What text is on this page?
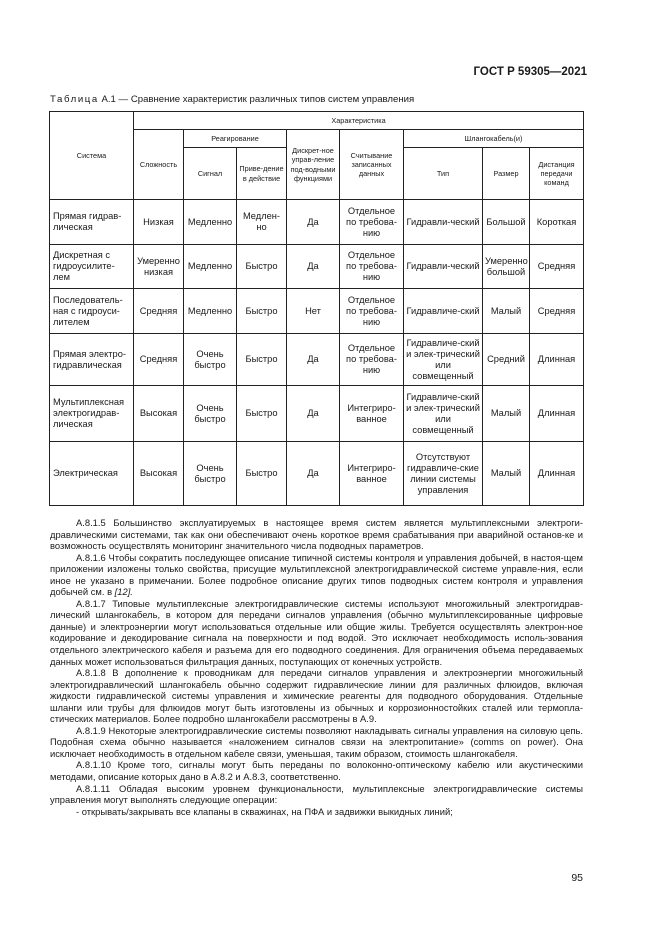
ГОСТ Р 59305—2021
Таблица А.1 — Сравнение характеристик различных типов систем управления
Система	Характеристика							
	Сложность	Реагирование		Дискрет-ное управ-ление под-водными функциями	Считывание записанных данных	Шлангокабель(и)		
		Сигнал	Приве-дение в действие			Тип	Размер	Дистанция передачи команд
Прямая гидрав-лическая	Низкая	Медленно	Медлен-но	Да	Отдельное по требова-нию	Гидравли-ческий	Большой	Короткая
Дискретная с гидроусилите-лем	Умеренно низкая	Медленно	Быстро	Да	Отдельное по требова-нию	Гидравли-ческий	Умеренно большой	Средняя
Последователь-ная с гидроуси-лителем	Средняя	Медленно	Быстро	Нет	Отдельное по требова-нию	Гидравличе-ский	Малый	Средняя
Прямая электро-гидравлическая	Средняя	Очень быстро	Быстро	Да	Отдельное по требова-нию	Гидравличе-ский и элек-трический или совмещенный	Средний	Длинная
Мультиплексная электрогидрав-лическая	Высокая	Очень быстро	Быстро	Да	Интегриро-ванное	Гидравличе-ский и элек-трический или совмещенный	Малый	Длинная
Электрическая	Высокая	Очень быстро	Быстро	Да	Интегриро-ванное	Отсутствуют гидравличе-ские линии системы управления	Малый	Длинная

А.8.1.5 Большинство эксплуатируемых в настоящее время систем является мультиплексными электроги-дравлическими системами, так как они обеспечивают очень короткое время срабатывания при аварийной останов-ке и возможность осуществлять мониторинг значительного числа подводных параметров.

А.8.1.6 Чтобы сократить последующее описание типичной системы контроля и управления добычей, в настоя-щем приложении изложены только свойства, присущие мультиплексной электрогидравлической системе управле-ния, если иное не указано в примечании. Более подробное описание других типов подводных систем контроля и управления добычей см. в [12].

А.8.1.7 Типовые мультиплексные электрогидравлические системы используют многожильный электрогидрав-лический шлангокабель, в котором для передачи сигналов управления (обычно мультиплексированные цифровые данные) и электроэнергии могут использоваться отдельные или общие жилы. Требуется осуществлять электрон-ное кодирование и декодирование сигнала на поверхности и под водой. Это исключает необходимость исполь-зования отдельного электрического кабеля и разъема для его подводного соединения. Для ограничения объема передаваемых данных может использоваться фильтрация данных, поступающих от конечных устройств.

А.8.1.8 В дополнение к проводникам для передачи сигналов управления и электроэнергии многожильный электрогидравлический шлангокабель обычно содержит гидравлические линии для различных флюидов, включая жидкости гидравлической системы управления и химические реагенты для подводного оборудования. Отдельные шланги или трубы для флюидов могут быть изготовлены из обычных и коррозионностойких сталей или термопла-стических материалов. Более подробно шлангокабели рассмотрены в А.9.

А.8.1.9 Некоторые электрогидравлические системы позволяют накладывать сигналы управления на силовую цепь. Подобная схема обычно называется «наложением сигналов связи на электропитание» (comms on power). Она исключает необходимость в отдельном кабеле связи, уменьшая, таким образом, стоимость шлангокабеля.

А.8.1.10 Кроме того, сигналы могут быть переданы по волоконно-оптическому кабелю или акустическими методами, описание которых дано в А.8.2 и А.8.3, соответственно.

А.8.1.11 Обладая высоким уровнем функциональности, мультиплексные электрогидравлические системы управления могут выполнять следующие операции:

- открывать/закрывать все клапаны в скважинах, на ПФА и задвижки выкидных линий;

95
